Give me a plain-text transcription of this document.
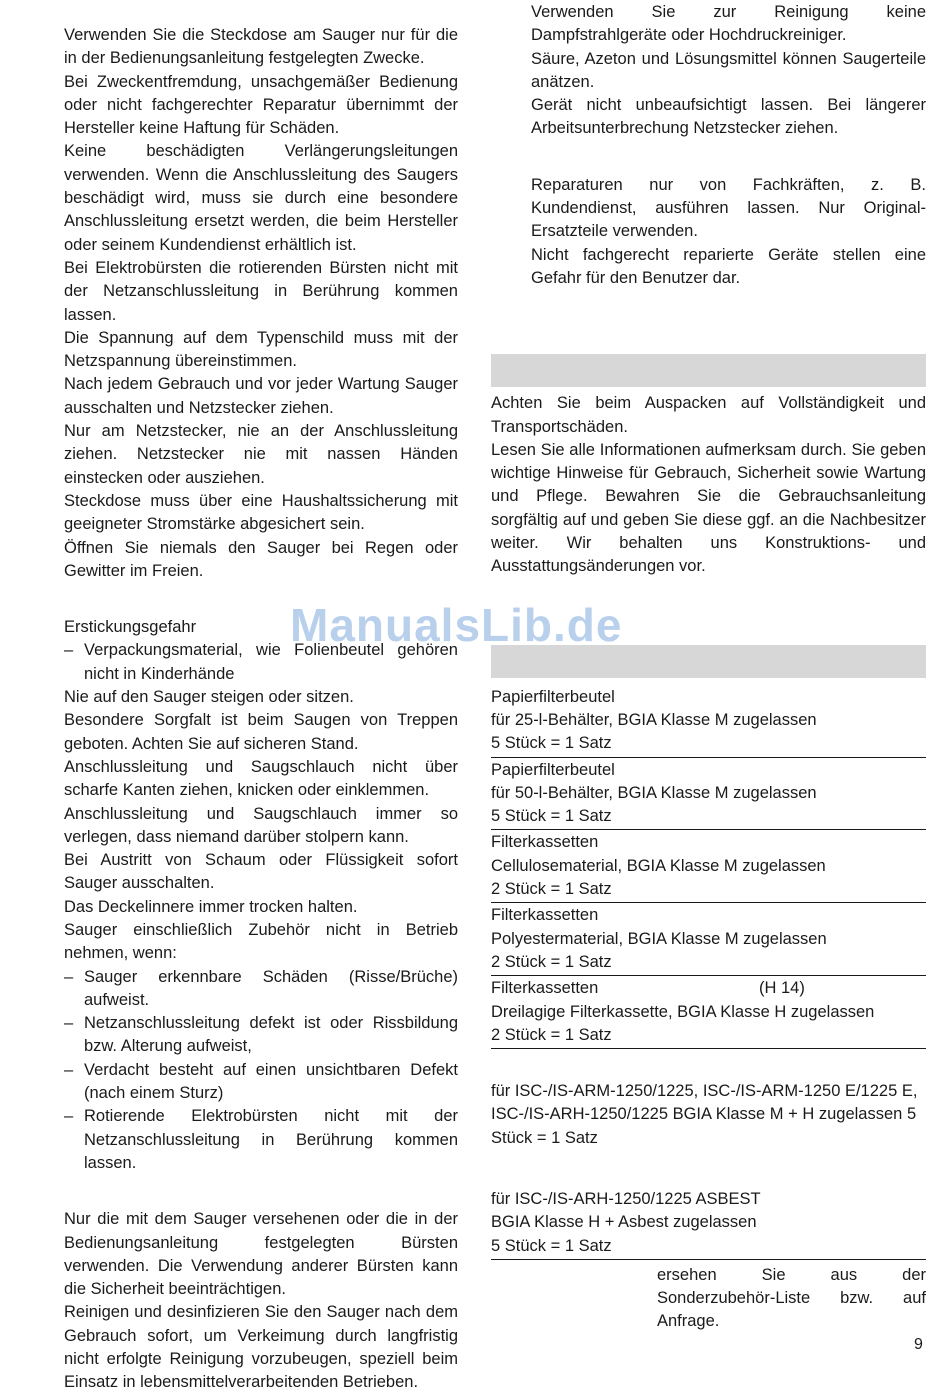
Verwenden Sie die Steckdose am Sauger nur für die in der Bedienungsanleitung festgelegten Zwecke.

Bei Zweckentfremdung, unsachgemäßer Bedienung oder nicht fachgerechter Reparatur übernimmt der Hersteller keine Haftung für Schäden.

Keine beschädigten Verlängerungsleitungen verwenden. Wenn die Anschlussleitung des Saugers beschädigt wird, muss sie durch eine besondere Anschlussleitung ersetzt werden, die beim Hersteller oder seinem Kundendienst erhältlich ist.

Bei Elektrobürsten die rotierenden Bürsten nicht mit der Netzanschlussleitung in Berührung kommen lassen.

Die Spannung auf dem Typenschild muss mit der Netzspannung übereinstimmen.

Nach jedem Gebrauch und vor jeder Wartung Sauger ausschalten und Netzstecker ziehen.

Nur am Netzstecker, nie an der Anschlussleitung ziehen. Netzstecker nie mit nassen Händen einstecken oder ausziehen.

Steckdose muss über eine Haushaltssicherung mit geeigneter Stromstärke abgesichert sein.

Öffnen Sie niemals den Sauger bei Regen oder Gewitter im Freien.

Erstickungsgefahr

– Verpackungsmaterial, wie Folienbeutel gehören nicht in Kinderhände

Nie auf den Sauger steigen oder sitzen.

Besondere Sorgfalt ist beim Saugen von Treppen geboten. Achten Sie auf sicheren Stand.

Anschlussleitung und Saugschlauch nicht über scharfe Kanten ziehen, knicken oder einklemmen.

Anschlussleitung und Saugschlauch immer so verlegen, dass niemand darüber stolpern kann.

Bei Austritt von Schaum oder Flüssigkeit sofort Sauger ausschalten.

Das Deckelinnere immer trocken halten.

Sauger einschließlich Zubehör nicht in Betrieb nehmen, wenn:

– Sauger erkennbare Schäden (Risse/Brüche) aufweist.
– Netzanschlussleitung defekt ist oder Rissbildung bzw. Alterung aufweist,
– Verdacht besteht auf einen unsichtbaren Defekt (nach einem Sturz)
– Rotierende Elektrobürsten nicht mit der Netzanschlussleitung in Berührung kommen lassen.

Nur die mit dem Sauger versehenen oder die in der Bedienungsanleitung festgelegten Bürsten verwenden. Die Verwendung anderer Bürsten kann die Sicherheit beeinträchtigen.

Reinigen und desinfizieren Sie den Sauger nach dem Gebrauch sofort, um Verkeimung durch langfristig nicht erfolgte Reinigung vorzubeugen, speziell beim Einsatz in lebensmittelverarbeitenden Betrieben.

Verwenden Sie zur Reinigung keine Dampfstrahlgeräte oder Hochdruckreiniger.

Säure, Azeton und Lösungsmittel können Saugerteile anätzen.

Gerät nicht unbeaufsichtigt lassen. Bei längerer Arbeitsunterbrechung Netzstecker ziehen.

Reparaturen nur von Fachkräften, z. B. Kundendienst, ausführen lassen. Nur Original-Ersatzteile verwenden.

Nicht fachgerecht reparierte Geräte stellen eine Gefahr für den Benutzer dar.

Achten Sie beim Auspacken auf Vollständigkeit und Transportschäden.

Lesen Sie alle Informationen aufmerksam durch. Sie geben wichtige Hinweise für Gebrauch, Sicherheit sowie Wartung und Pflege. Bewahren Sie die Gebrauchsanleitung sorgfältig auf und geben Sie diese ggf. an die Nachbesitzer weiter. Wir behalten uns Konstruktions- und Ausstattungsänderungen vor.

Papierfilterbeutel
für 25-l-Behälter, BGIA Klasse M zugelassen
5 Stück = 1 Satz
Papierfilterbeutel
für 50-l-Behälter, BGIA Klasse M zugelassen
5 Stück = 1 Satz
Filterkassetten
Cellulosematerial, BGIA Klasse M zugelassen
2 Stück = 1 Satz
Filterkassetten
Polyestermaterial, BGIA Klasse M zugelassen
2 Stück = 1 Satz
Filterkassetten	(H 14)
Dreilagige Filterkassette, BGIA Klasse H zugelassen
2 Stück = 1 Satz
für ISC-/IS-ARM-1250/1225, ISC-/IS-ARM-1250 E/1225 E, ISC-/IS-ARH-1250/1225 BGIA Klasse M + H zugelassen 5 Stück = 1 Satz
für ISC-/IS-ARH-1250/1225 ASBEST
BGIA Klasse H + Asbest zugelassen
5 Stück = 1 Satz

ersehen Sie aus der Sonderzubehör-Liste bzw. auf Anfrage.

ManualsLib.de
9
